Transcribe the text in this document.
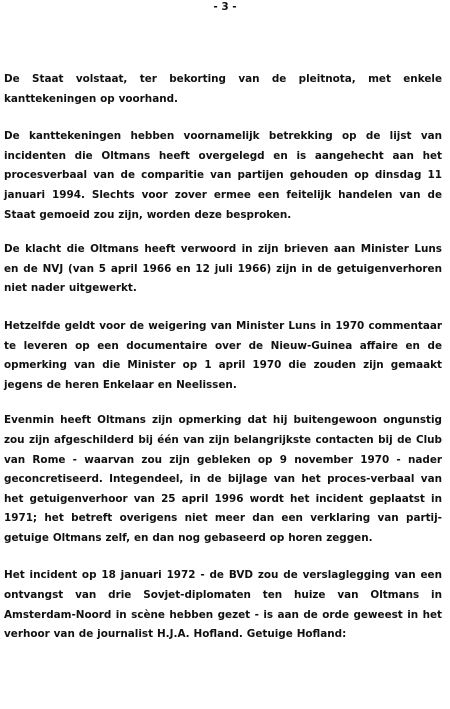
- 3 -

De Staat volstaat, ter bekorting van de pleitnota, met enkele kanttekeningen op voorhand.

De kanttekeningen hebben voornamelijk betrekking op de lijst van incidenten die Oltmans heeft overgelegd en is aangehecht aan het procesverbaal van de comparitie van partijen gehouden op dinsdag 11 januari 1994. Slechts voor zover ermee een feitelijk handelen van de Staat gemoeid zou zijn, worden deze besproken.

De klacht die Oltmans heeft verwoord in zijn brieven aan Minister Luns en de NVJ (van 5 april 1966 en 12 juli 1966) zijn in de getuigenverhoren niet nader uitgewerkt.

Hetzelfde geldt voor de weigering van Minister Luns in 1970 commentaar te leveren op een documentaire over de Nieuw-Guinea affaire en de opmerking van die Minister op 1 april 1970 die zouden zijn gemaakt jegens de heren Enkelaar en Neelissen.

Evenmin heeft Oltmans zijn opmerking dat hij buitengewoon ongunstig zou zijn afgeschilderd bij één van zijn belangrijkste contacten bij de Club van Rome - waarvan zou zijn gebleken op 9 november 1970 - nader geconcretiseerd. Integendeel, in de bijlage van het proces-verbaal van het getuigenverhoor van 25 april 1996 wordt het incident geplaatst in 1971; het betreft overigens niet meer dan een verklaring van partij-getuige Oltmans zelf, en dan nog gebaseerd op horen zeggen.

Het incident op 18 januari 1972 - de BVD zou de verslaglegging van een ontvangst van drie Sovjet-diplomaten ten huize van Oltmans in Amsterdam-Noord in scène hebben gezet - is aan de orde geweest in het verhoor van de journalist H.J.A. Hofland. Getuige Hofland:
